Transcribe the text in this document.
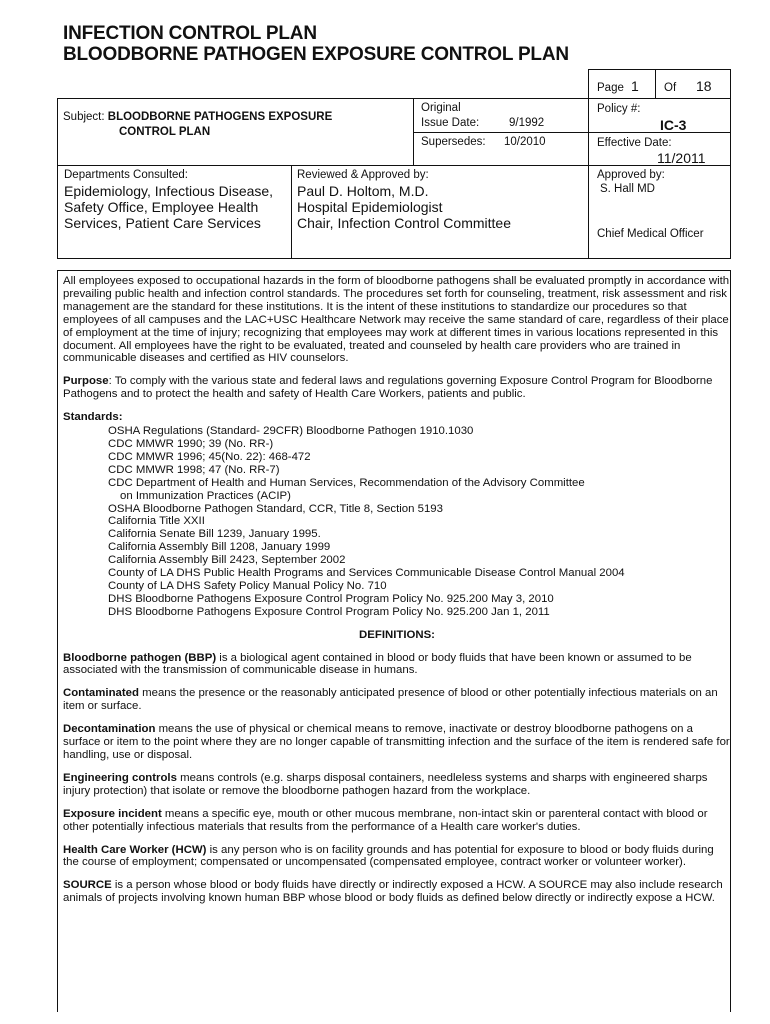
INFECTION CONTROL PLAN
BLOODBORNE PATHOGEN EXPOSURE CONTROL PLAN
Page 1 Of 18
Subject: BLOODBORNE PATHOGENS EXPOSURE
CONTROL PLAN
Original
Issue Date:	9/1992
Supersedes: 10/2010
Policy #:
IC-3
Effective Date:
11/2011
Departments Consulted:
Epidemiology, Infectious Disease,
Safety Office, Employee Health
Services, Patient Care Services
Reviewed & Approved by:
Paul D. Holtom, M.D.
Hospital Epidemiologist
Chair, Infection Control Committee
Approved by:
S. Hall MD
Chief Medical Officer

All employees exposed to occupational hazards in the form of bloodborne pathogens shall be evaluated promptly in accordance with prevailing public health and infection control standards. The procedures set forth for counseling, treatment, risk assessment and risk management are the standard for these institutions. It is the intent of these institutions to standardize our procedures so that employees of all campuses and the LAC+USC Healthcare Network may receive the same standard of care, regardless of their place of employment at the time of injury; recognizing that employees may work at different times in various locations represented in this document. All employees have the right to be evaluated, treated and counseled by health care providers who are trained in communicable diseases and certified as HIV counselors.

Purpose: To comply with the various state and federal laws and regulations governing Exposure Control Program for Bloodborne Pathogens and to protect the health and safety of Health Care Workers, patients and public.

Standards:
OSHA Regulations (Standard- 29CFR) Bloodborne Pathogen 1910.1030
CDC MMWR 1990; 39 (No. RR-)
CDC MMWR 1996; 45(No. 22): 468-472
CDC MMWR 1998; 47 (No. RR-7)
CDC Department of Health and Human Services, Recommendation of the Advisory Committee
on Immunization Practices (ACIP)
OSHA Bloodborne Pathogen Standard, CCR, Title 8, Section 5193
California Title XXII
California Senate Bill 1239, January 1995.
California Assembly Bill 1208, January 1999
California Assembly Bill 2423, September 2002
County of LA DHS Public Health Programs and Services Communicable Disease Control Manual 2004
County of LA DHS Safety Policy Manual Policy No. 710
DHS Bloodborne Pathogens Exposure Control Program Policy No. 925.200 May 3, 2010
DHS Bloodborne Pathogens Exposure Control Program Policy No. 925.200 Jan 1, 2011
DEFINITIONS:

Bloodborne pathogen (BBP) is a biological agent contained in blood or body fluids that have been known or assumed to be associated with the transmission of communicable disease in humans.

Contaminated means the presence or the reasonably anticipated presence of blood or other potentially infectious materials on an item or surface.

Decontamination means the use of physical or chemical means to remove, inactivate or destroy bloodborne pathogens on a surface or item to the point where they are no longer capable of transmitting infection and the surface of the item is rendered safe for handling, use or disposal.

Engineering controls means controls (e.g. sharps disposal containers, needleless systems and sharps with engineered sharps injury protection) that isolate or remove the bloodborne pathogen hazard from the workplace.

Exposure incident means a specific eye, mouth or other mucous membrane, non-intact skin or parenteral contact with blood or other potentially infectious materials that results from the performance of a Health care worker's duties.

Health Care Worker (HCW) is any person who is on facility grounds and has potential for exposure to blood or body fluids during the course of employment; compensated or uncompensated (compensated employee, contract worker or volunteer worker).

SOURCE is a person whose blood or body fluids have directly or indirectly exposed a HCW. A SOURCE may also include research animals of projects involving known human BBP whose blood or body fluids as defined below directly or indirectly expose a HCW.
